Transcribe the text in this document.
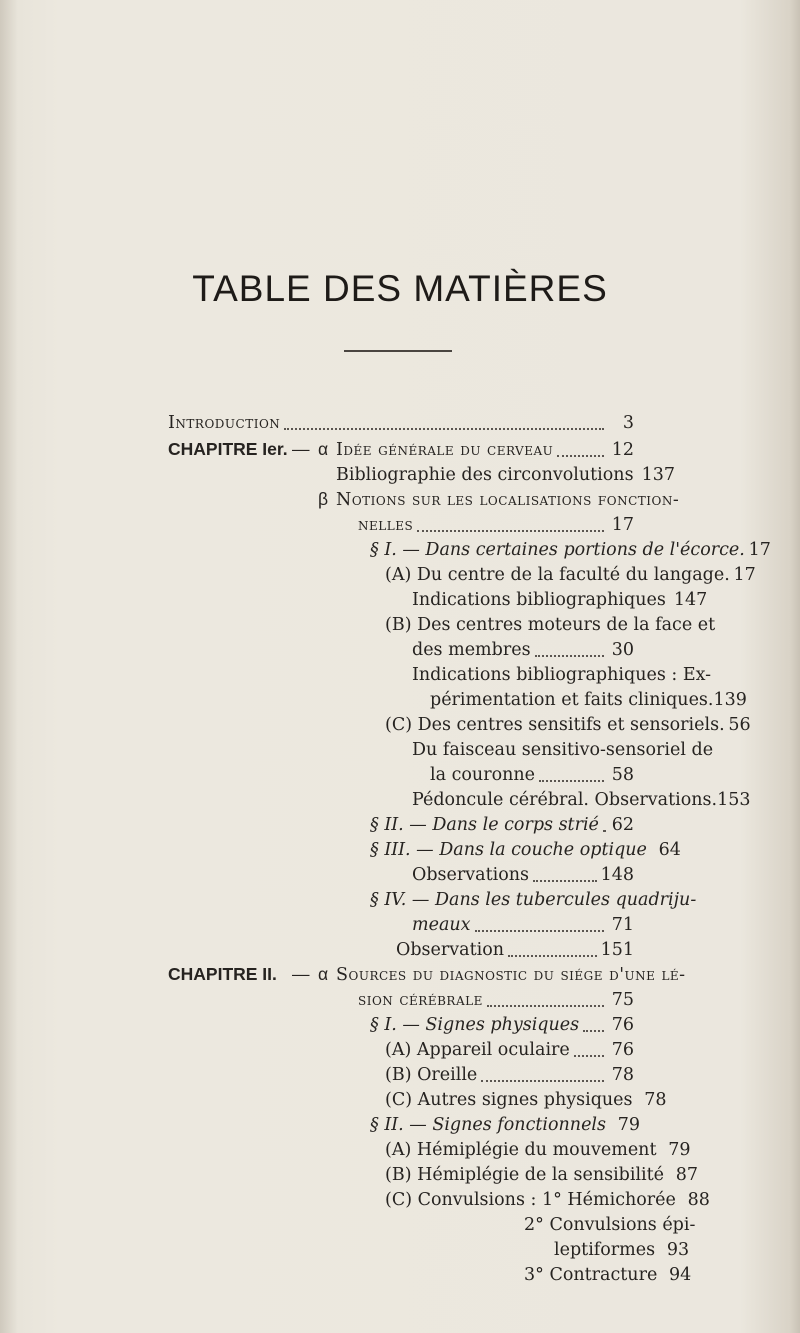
TABLE DES MATIÈRES
Introduction	3
CHAPITRE Ier. — α Idée générale du cerveau	12
Bibliographie des circonvolutions 137
β Notions sur les localisations fonction-
nelles	17
§ I. — Dans certaines portions de l'écorce. 17
(A) Du centre de la faculté du langage. 17
Indications bibliographiques 147
(B) Des centres moteurs de la face et
des membres	30
Indications bibliographiques : Ex-
périmentation et faits cliniques. 139
(C) Des centres sensitifs et sensoriels. 56
Du faisceau sensitivo-sensoriel de
la couronne	58
Pédoncule cérébral. Observations. 153
§ II. — Dans le corps strié 62
§ III. — Dans la couche optique 64
Observations	148
§ IV. — Dans les tubercules quadriju-
meaux	71
Observation	151
CHAPITRE II. — α Sources du diagnostic du siége d'une lé-
sion cérébrale	75
§ I. — Signes physiques 76
(A) Appareil oculaire 76
(B) Oreille	78
(C) Autres signes physiques 78
§ II. — Signes fonctionnels 79
(A) Hémiplégie du mouvement 79
(B) Hémiplégie de la sensibilité 87
(C) Convulsions : 1° Hémichorée 88
2° Convulsions épi-
leptiformes 93
3° Contracture 94
